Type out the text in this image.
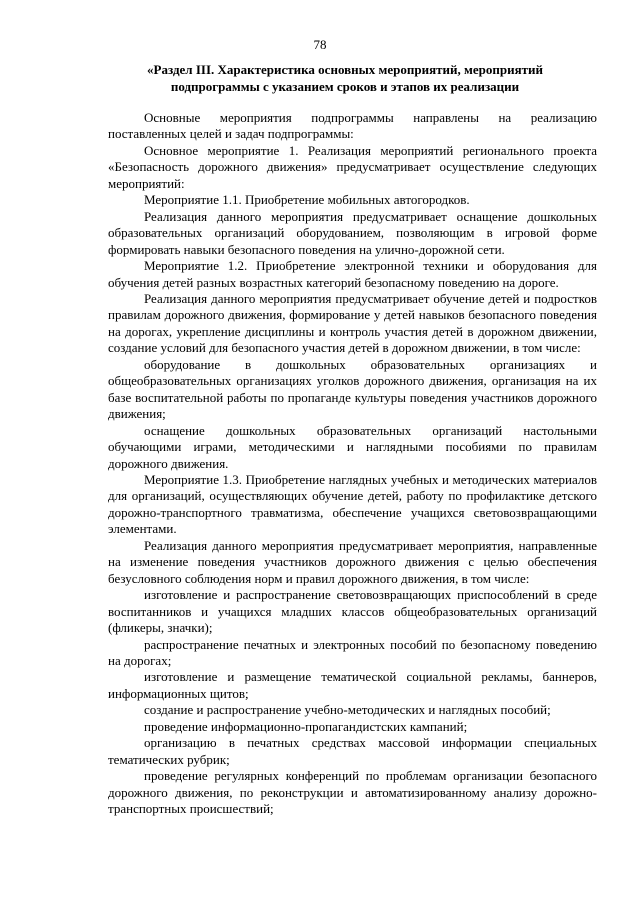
78
«Раздел III. Характеристика основных мероприятий, мероприятий
подпрограммы с указанием сроков и этапов их реализации

Основные мероприятия подпрограммы направлены на реализацию поставленных целей и задач подпрограммы:

Основное мероприятие 1. Реализация мероприятий регионального проекта «Безопасность дорожного движения» предусматривает осуществление следующих мероприятий:

Мероприятие 1.1. Приобретение мобильных автогородков.

Реализация данного мероприятия предусматривает оснащение дошкольных образовательных организаций оборудованием, позволяющим в игровой форме формировать навыки безопасного поведения на улично-дорожной сети.

Мероприятие 1.2. Приобретение электронной техники и оборудования для обучения детей разных возрастных категорий безопасному поведению на дороге.

Реализация данного мероприятия предусматривает обучение детей и подростков правилам дорожного движения, формирование у детей навыков безопасного поведения на дорогах, укрепление дисциплины и контроль участия детей в дорожном движении, создание условий для безопасного участия детей в дорожном движении, в том числе:

оборудование в дошкольных образовательных организациях и общеобразовательных организациях уголков дорожного движения, организация на их базе воспитательной работы по пропаганде культуры поведения участников дорожного движения;

оснащение дошкольных образовательных организаций настольными обучающими играми, методическими и наглядными пособиями по правилам дорожного движения.

Мероприятие 1.3. Приобретение наглядных учебных и методических материалов для организаций, осуществляющих обучение детей, работу по профилактике детского дорожно-транспортного травматизма, обеспечение учащихся световозвращающими элементами.

Реализация данного мероприятия предусматривает мероприятия, направленные на изменение поведения участников дорожного движения с целью обеспечения безусловного соблюдения норм и правил дорожного движения, в том числе:

изготовление и распространение световозвращающих приспособлений в среде воспитанников и учащихся младших классов общеобразовательных организаций (фликеры, значки);

распространение печатных и электронных пособий по безопасному поведению на дорогах;

изготовление и размещение тематической социальной рекламы, баннеров, информационных щитов;

создание и распространение учебно-методических и наглядных пособий;

проведение информационно-пропагандистских кампаний;

организацию в печатных средствах массовой информации специальных тематических рубрик;

проведение регулярных конференций по проблемам организации безопасного дорожного движения, по реконструкции и автоматизированному анализу дорожно-транспортных происшествий;
